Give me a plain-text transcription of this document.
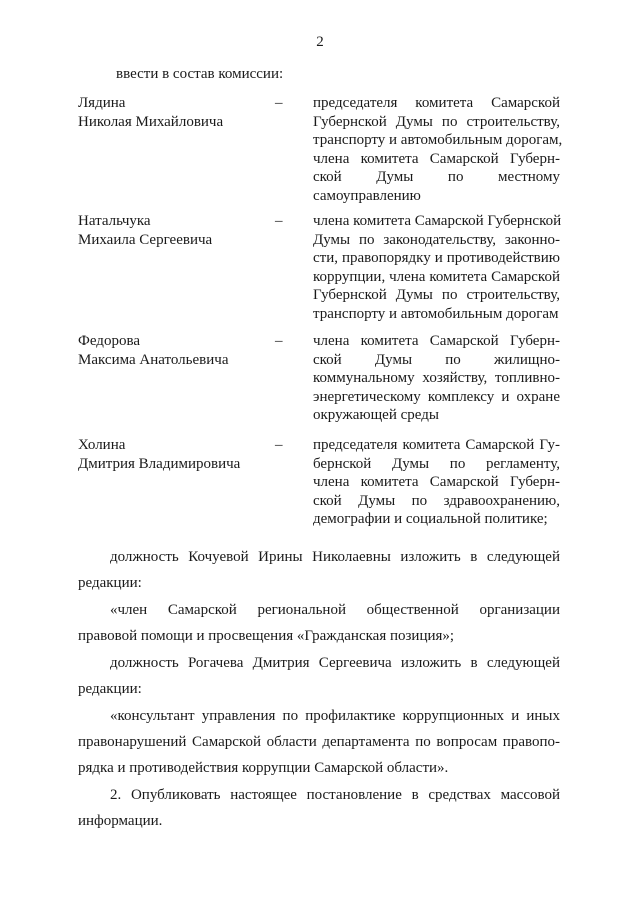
2
ввести в состав комиссии:
Лядина
Николая Михайловича
– председателя комитета Самарской
Губернской Думы по строительству,
транспорту и автомобильным дорогам,
члена комитета Самарской Губерн-
ской Думы по местному
самоуправлению
Натальчука
Михаила Сергеевича
– члена комитета Самарской Губернской
Думы по законодательству, законно-
сти, правопорядку и противодействию
коррупции, члена комитета Самарской
Губернской Думы по строительству,
транспорту и автомобильным дорогам
Федорова
Максима Анатольевича
– члена комитета Самарской Губерн-
ской Думы по жилищно-
коммунальному хозяйству, топливно-
энергетическому комплексу и охране
окружающей среды
Холина
Дмитрия Владимировича
– председателя комитета Самарской Гу-
бернской Думы по регламенту,
члена комитета Самарской Губерн-
ской Думы по здравоохранению,
демографии и социальной политике;
должность Кочуевой Ирины Николаевны изложить в следующей
редакции:
«член Самарской региональной общественной организации
правовой помощи и просвещения «Гражданская позиция»;
должность Рогачева Дмитрия Сергеевича изложить в следующей
редакции:
«консультант управления по профилактике коррупционных и иных
правонарушений Самарской области департамента по вопросам правопо-
рядка и противодействия коррупции Самарской области».
2. Опубликовать настоящее постановление в средствах массовой
информации.
